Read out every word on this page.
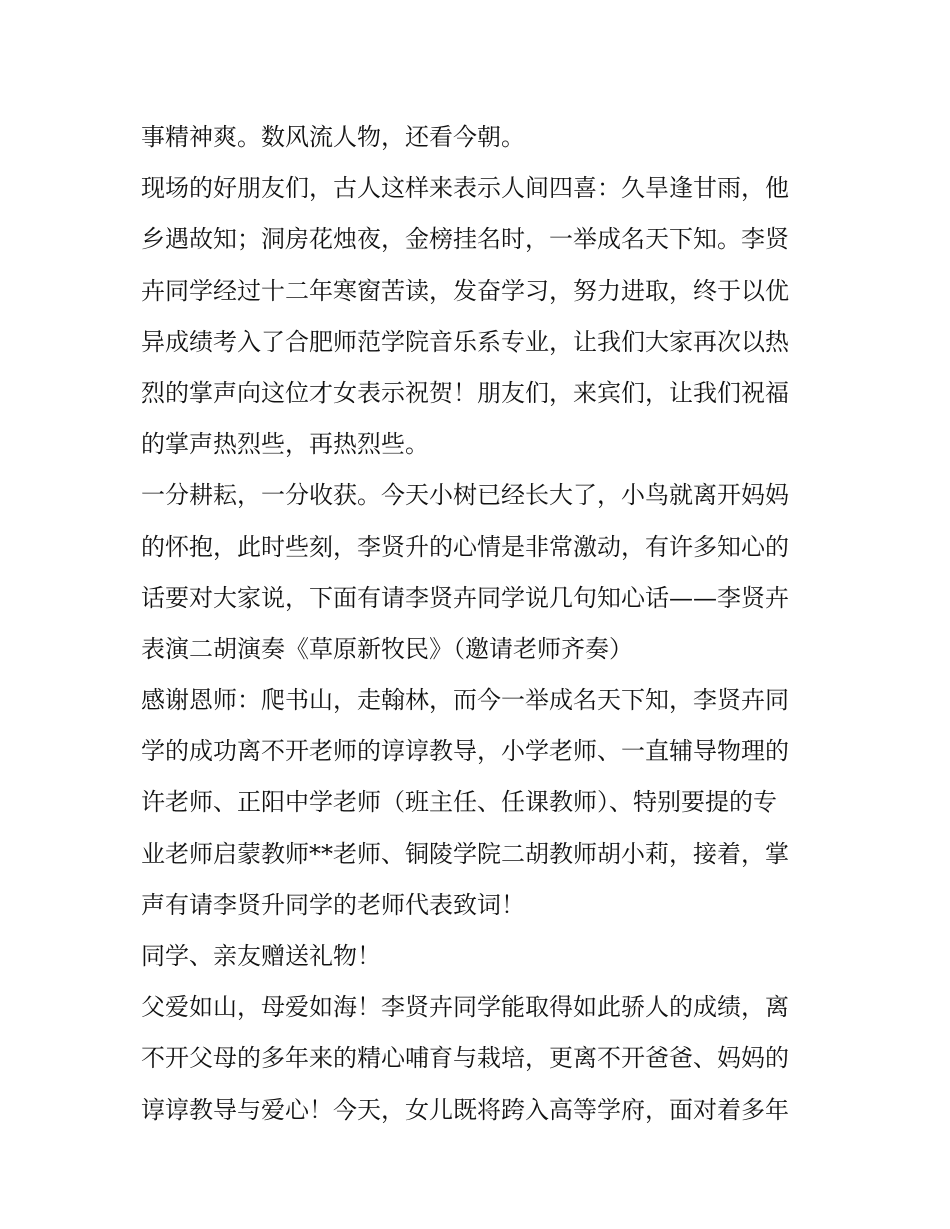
事精神爽。数风流人物，还看今朝。
现场的好朋友们，古人这样来表示人间四喜：久旱逢甘雨，他
乡遇故知；洞房花烛夜，金榜挂名时，一举成名天下知。李贤
卉同学经过十二年寒窗苦读，发奋学习，努力进取，终于以优
异成绩考入了合肥师范学院音乐系专业，让我们大家再次以热
烈的掌声向这位才女表示祝贺！朋友们，来宾们，让我们祝福
的掌声热烈些，再热烈些。
一分耕耘，一分收获。今天小树已经长大了，小鸟就离开妈妈
的怀抱，此时些刻，李贤升的心情是非常激动，有许多知心的
话要对大家说，下面有请李贤卉同学说几句知心话——李贤卉
表演二胡演奏《草原新牧民》（邀请老师齐奏）
感谢恩师：爬书山，走翰林，而今一举成名天下知，李贤卉同
学的成功离不开老师的谆谆教导，小学老师、一直辅导物理的
许老师、正阳中学老师（班主任、任课教师）、特别要提的专
业老师启蒙教师**老师、铜陵学院二胡教师胡小莉，接着，掌
声有请李贤升同学的老师代表致词！
同学、亲友赠送礼物！
父爱如山，母爱如海！李贤卉同学能取得如此骄人的成绩，离
不开父母的多年来的精心哺育与栽培，更离不开爸爸、妈妈的
谆谆教导与爱心！今天，女儿既将跨入高等学府，面对着多年
